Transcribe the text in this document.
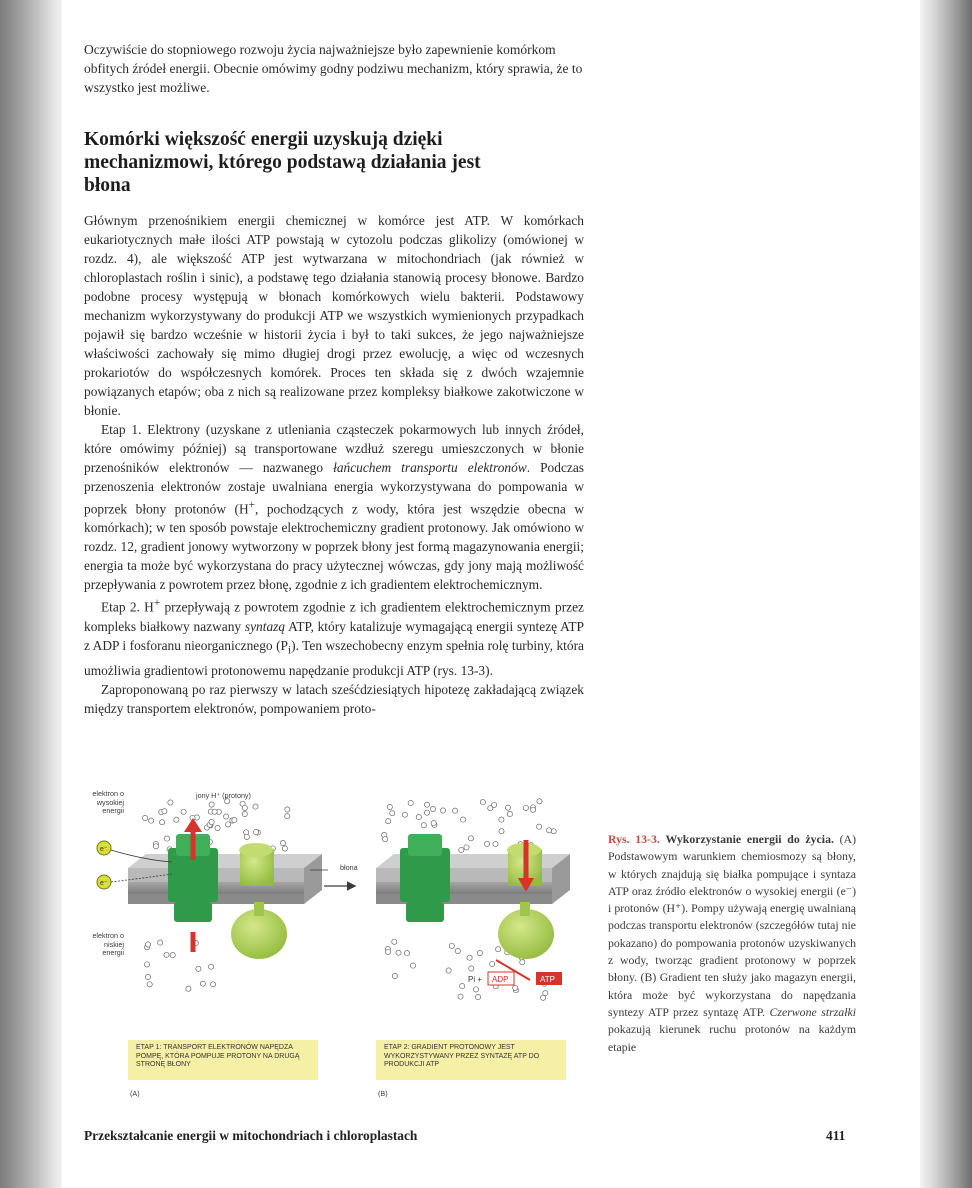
Oczywiście do stopniowego rozwoju życia najważniejsze było zapewnienie komórkom obfitych źródeł energii. Obecnie omówimy godny podziwu mechanizm, który sprawia, że to wszystko jest możliwe.

Komórki większość energii uzyskują dzięki mechanizmowi, którego podstawą działania jest błona

Głównym przenośnikiem energii chemicznej w komórce jest ATP. W komórkach eukariotycznych małe ilości ATP powstają w cytozolu podczas glikolizy (omówionej w rozdz. 4), ale większość ATP jest wytwarzana w mitochondriach (jak również w chloroplastach roślin i sinic), a podstawę tego działania stanowią procesy błonowe. Bardzo podobne procesy występują w błonach komórkowych wielu bakterii. Podstawowy mechanizm wykorzystywany do produkcji ATP we wszystkich wymienionych przypadkach pojawił się bardzo wcześnie w historii życia i był to taki sukces, że jego najważniejsze właściwości zachowały się mimo długiej drogi przez ewolucję, a więc od wczesnych prokariotów do współczesnych komórek. Proces ten składa się z dwóch wzajemnie powiązanych etapów; oba z nich są realizowane przez kompleksy białkowe zakotwiczone w błonie.

Etap 1. Elektrony (uzyskane z utleniania cząsteczek pokarmowych lub innych źródeł, które omówimy później) są transportowane wzdłuż szeregu umieszczonych w błonie przenośników elektronów — nazwanego łańcuchem transportu elektronów. Podczas przenoszenia elektronów zostaje uwalniana energia wykorzystywana do pompowania w poprzek błony protonów (H+, pochodzących z wody, która jest wszędzie obecna w komórkach); w ten sposób powstaje elektrochemiczny gradient protonowy. Jak omówiono w rozdz. 12, gradient jonowy wytworzony w poprzek błony jest formą magazynowania energii; energia ta może być wykorzystana do pracy użytecznej wówczas, gdy jony mają możliwość przepływania z powrotem przez błonę, zgodnie z ich gradientem elektrochemicznym.

Etap 2. H+ przepływają z powrotem zgodnie z ich gradientem elektrochemicznym przez kompleks białkowy nazwany syntazą ATP, który katalizuje wymagającą energii syntezę ATP z ADP i fosforanu nieorganicznego $(P_i)$. Ten wszechobecny enzym spełnia rolę turbiny, która umożliwia gradientowi protonowemu napędzanie produkcji ATP (rys. 13-3).

Zaproponowaną po raz pierwszy w latach sześćdziesiątych hipotezę zakładającą związek między transportem elektronów, pompowaniem proto-

e⁻
e⁻
ADP	ATP
Pi +
elektron o wysokiej energii
jony H⁺ (protony)
błona
elektron o niskiej energii
ETAP 1: TRANSPORT ELEKTRONÓW NAPĘDZA POMPĘ, KTÓRA POMPUJE PROTONY NA DRUGĄ STRONĘ BŁONY
ETAP 2: GRADIENT PROTONOWY JEST WYKORZYSTYWANY PRZEZ SYNTAZĘ ATP DO PRODUKCJI ATP
(A)	(B)

Rys. 13-3. Wykorzystanie energii do życia. (A) Podstawowym warunkiem chemiosmozy są błony, w których znajdują się białka pompujące i syntaza ATP oraz źródło elektronów o wysokiej energii (e⁻) i protonów (H⁺). Pompy używają energię uwalnianą podczas transportu elektronów (szczegółów tutaj nie pokazano) do pompowania protonów uzyskiwanych z wody, tworząc gradient protonowy w poprzek błony. (B) Gradient ten służy jako magazyn energii, która może być wykorzystana do napędzania syntezy ATP przez syntazę ATP. Czerwone strzałki pokazują kierunek ruchu protonów na każdym etapie

Przekształcanie energii w mitochondriach i chloroplastach	411
